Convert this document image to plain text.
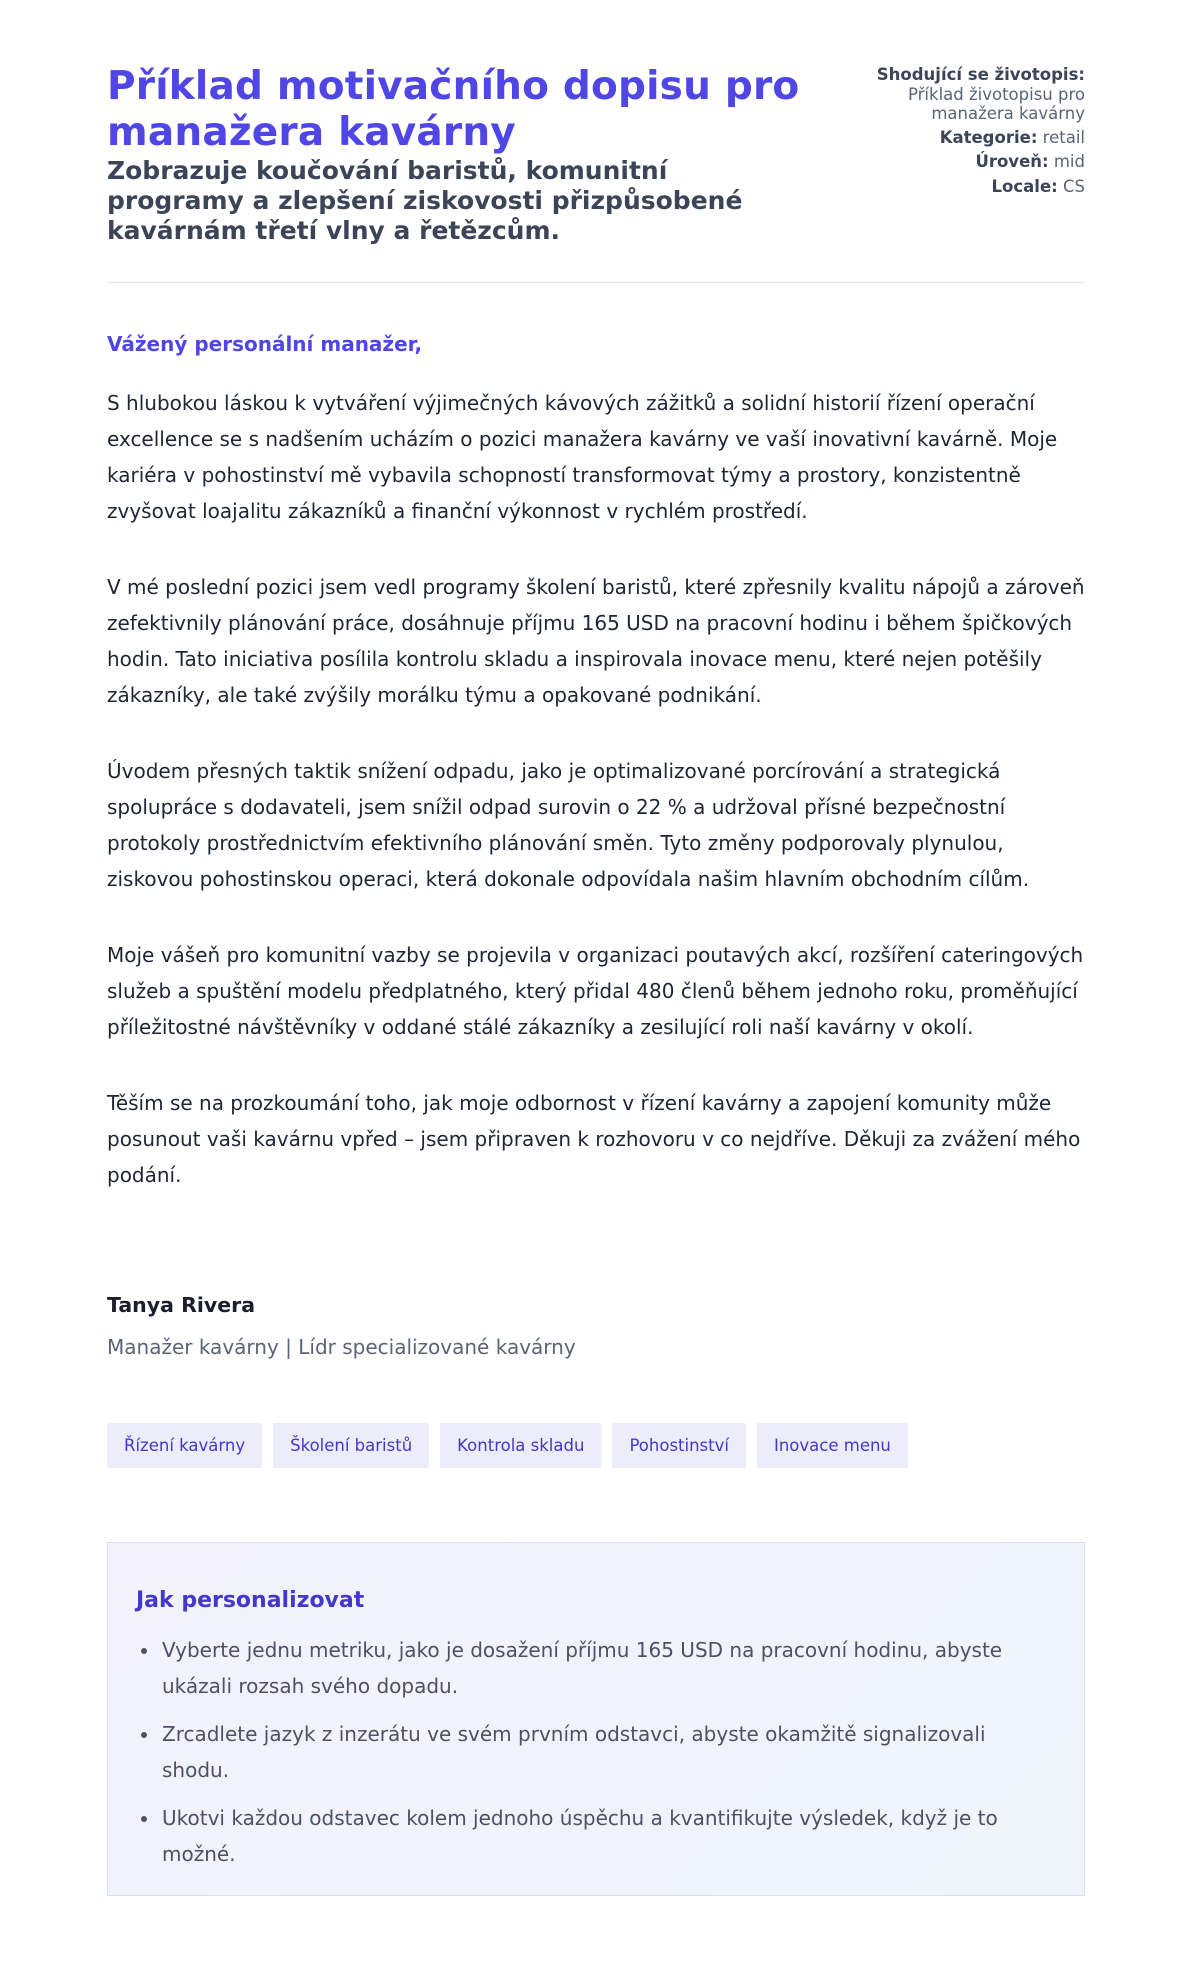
Příklad motivačního dopisu pro manažera kavárny
Zobrazuje koučování baristů, komunitní programy a zlepšení ziskovosti přizpůsobené kavárnám třetí vlny a řetězcům.
Shodující se životopis:
Příklad životopisu pro manažera kavárny
Kategorie: retail
Úroveň: mid
Locale: CS

Vážený personální manažer,

S hlubokou láskou k vytváření výjimečných kávových zážitků a solidní historií řízení operační excellence se s nadšením ucházím o pozici manažera kavárny ve vaší inovativní kavárně. Moje kariéra v pohostinství mě vybavila schopností transformovat týmy a prostory, konzistentně zvyšovat loajalitu zákazníků a finanční výkonnost v rychlém prostředí.

V mé poslední pozici jsem vedl programy školení baristů, které zpřesnily kvalitu nápojů a zároveň zefektivnily plánování práce, dosáhnuje příjmu 165 USD na pracovní hodinu i během špičkových hodin. Tato iniciativa posílila kontrolu skladu a inspirovala inovace menu, které nejen potěšily zákazníky, ale také zvýšily morálku týmu a opakované podnikání.

Úvodem přesných taktik snížení odpadu, jako je optimalizované porcírování a strategická spolupráce s dodavateli, jsem snížil odpad surovin o 22 % a udržoval přísné bezpečnostní protokoly prostřednictvím efektivního plánování směn. Tyto změny podporovaly plynulou, ziskovou pohostinskou operaci, která dokonale odpovídala našim hlavním obchodním cílům.

Moje vášeň pro komunitní vazby se projevila v organizaci poutavých akcí, rozšíření cateringových služeb a spuštění modelu předplatného, který přidal 480 členů během jednoho roku, proměňující příležitostné návštěvníky v oddané stálé zákazníky a zesilující roli naší kavárny v okolí.

Těším se na prozkoumání toho, jak moje odbornost v řízení kavárny a zapojení komunity může posunout vaši kavárnu vpřed – jsem připraven k rozhovoru v co nejdříve. Děkuji za zvážení mého podání.

Tanya Rivera

Manažer kavárny | Lídr specializované kavárny

Řízení kavárny	Školení baristů	Kontrola skladu	Pohostinství	Inovace menu
Jak personalizovat
Vyberte jednu metriku, jako je dosažení příjmu 165 USD na pracovní hodinu, abyste ukázali rozsah svého dopadu.
Zrcadlete jazyk z inzerátu ve svém prvním odstavci, abyste okamžitě signalizovali shodu.
Ukotvi každou odstavec kolem jednoho úspěchu a kvantifikujte výsledek, když je to možné.
